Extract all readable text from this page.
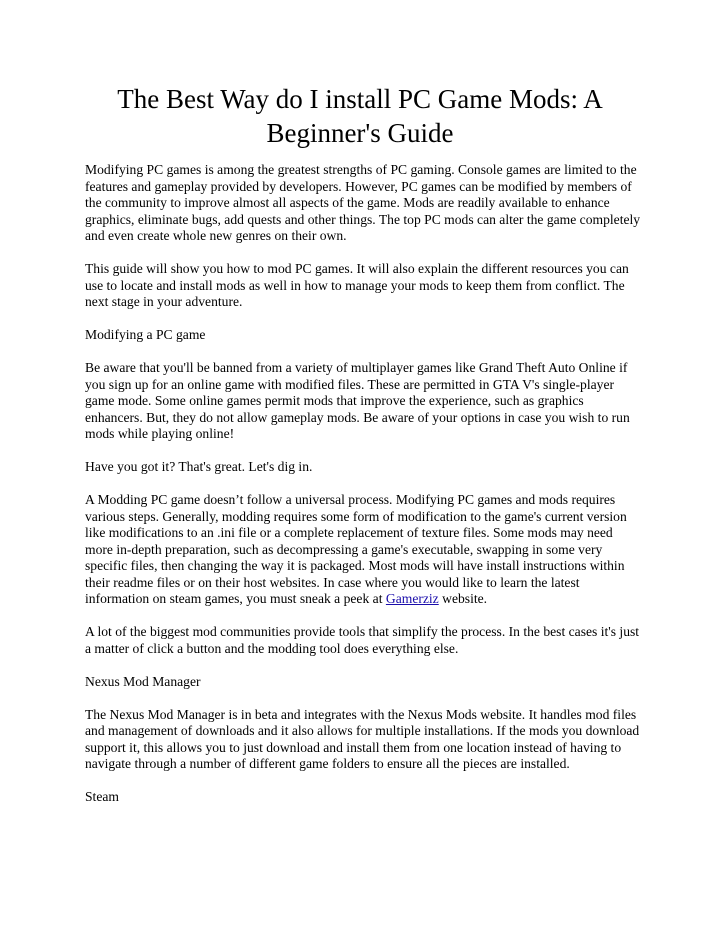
The Best Way do I install PC Game Mods: A Beginner's Guide

Modifying PC games is among the greatest strengths of PC gaming. Console games are limited to the features and gameplay provided by developers. However, PC games can be modified by members of the community to improve almost all aspects of the game. Mods are readily available to enhance graphics, eliminate bugs, add quests and other things. The top PC mods can alter the game completely and even create whole new genres on their own.

This guide will show you how to mod PC games. It will also explain the different resources you can use to locate and install mods as well in how to manage your mods to keep them from conflict. The next stage in your adventure.

Modifying a PC game

Be aware that you'll be banned from a variety of multiplayer games like Grand Theft Auto Online if you sign up for an online game with modified files. These are permitted in GTA V's single-player game mode. Some online games permit mods that improve the experience, such as graphics enhancers. But, they do not allow gameplay mods. Be aware of your options in case you wish to run mods while playing online!

Have you got it? That's great. Let's dig in.

A Modding PC game doesn’t follow a universal process. Modifying PC games and mods requires various steps. Generally, modding requires some form of modification to the game's current version like modifications to an .ini file or a complete replacement of texture files. Some mods may need more in-depth preparation, such as decompressing a game's executable, swapping in some very specific files, then changing the way it is packaged. Most mods will have install instructions within their readme files or on their host websites. In case where you would like to learn the latest information on steam games, you must sneak a peek at Gamerziz website.

A lot of the biggest mod communities provide tools that simplify the process. In the best cases it's just a matter of click a button and the modding tool does everything else.

Nexus Mod Manager

The Nexus Mod Manager is in beta and integrates with the Nexus Mods website. It handles mod files and management of downloads and it also allows for multiple installations. If the mods you download support it, this allows you to just download and install them from one location instead of having to navigate through a number of different game folders to ensure all the pieces are installed.

Steam
